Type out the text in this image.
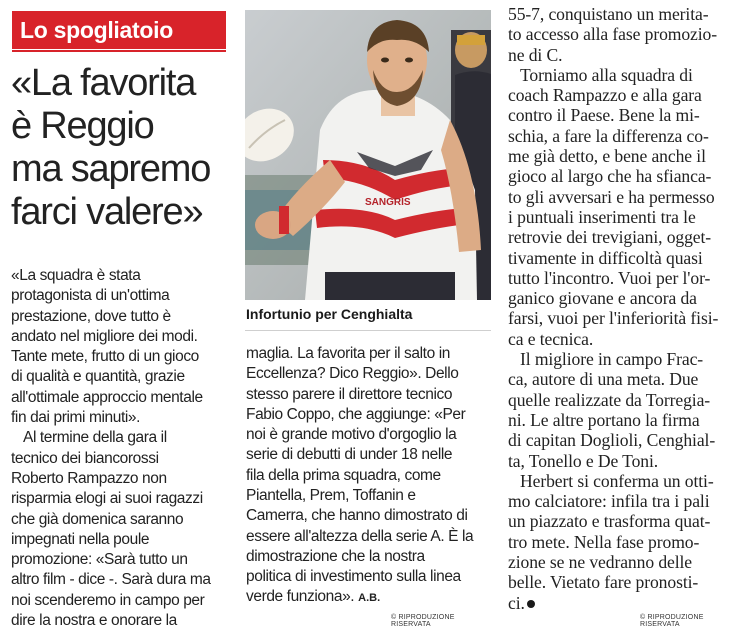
Lo spogliatoio
«La favorita
è Reggio
ma sapremo
farci valere»
«La squadra è stata
protagonista di un'ottima
prestazione, dove tutto è
andato nel migliore dei modi.
Tante mete, frutto di un gioco
di qualità e quantità, grazie
all'ottimale approccio mentale
fin dai primi minuti».
Al termine della gara il
tecnico dei biancorossi
Roberto Rampazzo non
risparmia elogi ai suoi ragazzi
che già domenica saranno
impegnati nella poule
promozione: «Sarà tutto un
altro film - dice -. Sarà dura ma
noi scenderemo in campo per
dire la nostra e onorare la
SANGRIS
Infortunio per Cenghialta
maglia. La favorita per il salto in
Eccellenza? Dico Reggio». Dello
stesso parere il direttore tecnico
Fabio Coppo, che aggiunge: «Per
noi è grande motivo d'orgoglio la
serie di debutti di under 18 nelle
fila della prima squadra, come
Piantella, Prem, Toffanin e
Camerra, che hanno dimostrato di
essere all'altezza della serie A. È la
dimostrazione che la nostra
politica di investimento sulla linea
verde funziona». A.B.
© RIPRODUZIONE RISERVATA
55-7, conquistano un merita-
to accesso alla fase promozio-
ne di C.
Torniamo alla squadra di
coach Rampazzo e alla gara
contro il Paese. Bene la mi-
schia, a fare la differenza co-
me già detto, e bene anche il
gioco al largo che ha sfianca-
to gli avversari e ha permesso
i puntuali inserimenti tra le
retrovie dei trevigiani, ogget-
tivamente in difficoltà quasi
tutto l'incontro. Vuoi per l'or-
ganico giovane e ancora da
farsi, vuoi per l'inferiorità fisi-
ca e tecnica.
Il migliore in campo Frac-
ca, autore di una meta. Due
quelle realizzate da Torregia-
ni. Le altre portano la firma
di capitan Doglioli, Cenghial-
ta, Tonello e De Toni.
Herbert si conferma un otti-
mo calciatore: infila tra i pali
un piazzato e trasforma quat-
tro mete. Nella fase promo-
zione se ne vedranno delle
belle. Vietato fare pronosti-
ci.
© RIPRODUZIONE RISERVATA
